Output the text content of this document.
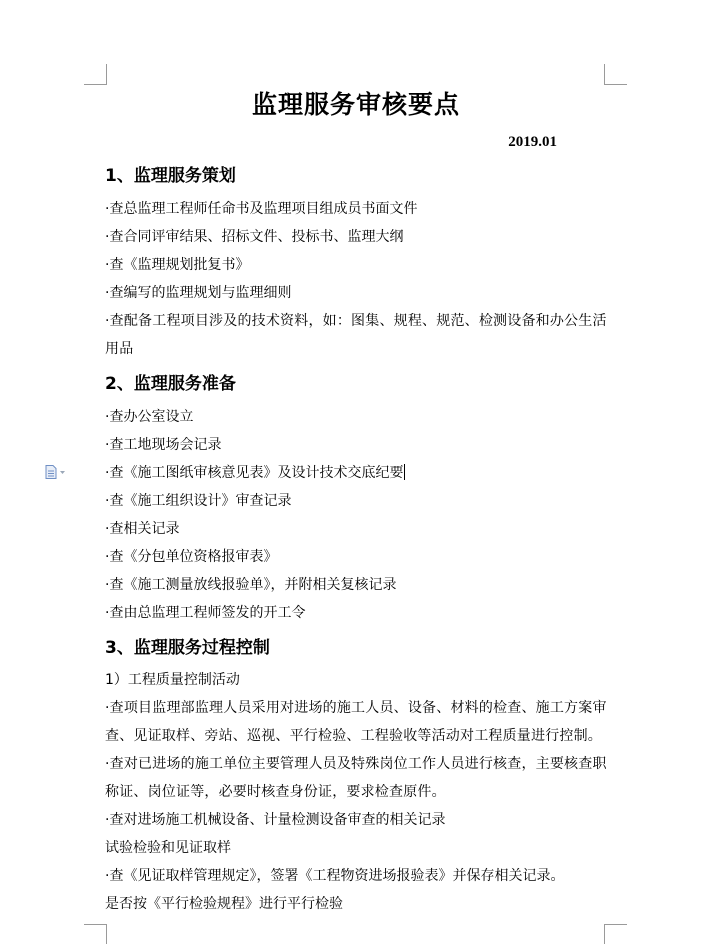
监理服务审核要点
2019.01
1、监理服务策划

·查总监理工程师任命书及监理项目组成员书面文件

·查合同评审结果、招标文件、投标书、监理大纲

·查《监理规划批复书》

·查编写的监理规划与监理细则

·查配备工程项目涉及的技术资料，如：图集、规程、规范、检测设备和办公生活用品

2、监理服务准备

·查办公室设立

·查工地现场会记录

·查《施工图纸审核意见表》及设计技术交底纪要

·查《施工组织设计》审查记录

·查相关记录

·查《分包单位资格报审表》

·查《施工测量放线报验单》，并附相关复核记录

·查由总监理工程师签发的开工令

3、监理服务过程控制

1）工程质量控制活动

·查项目监理部监理人员采用对进场的施工人员、设备、材料的检查、施工方案审查、见证取样、旁站、巡视、平行检验、工程验收等活动对工程质量进行控制。

·查对已进场的施工单位主要管理人员及特殊岗位工作人员进行核查，主要核查职称证、岗位证等，必要时核查身份证，要求检查原件。

·查对进场施工机械设备、计量检测设备审查的相关记录

试验检验和见证取样

·查《见证取样管理规定》，签署《工程物资进场报验表》并保存相关记录。

是否按《平行检验规程》进行平行检验
